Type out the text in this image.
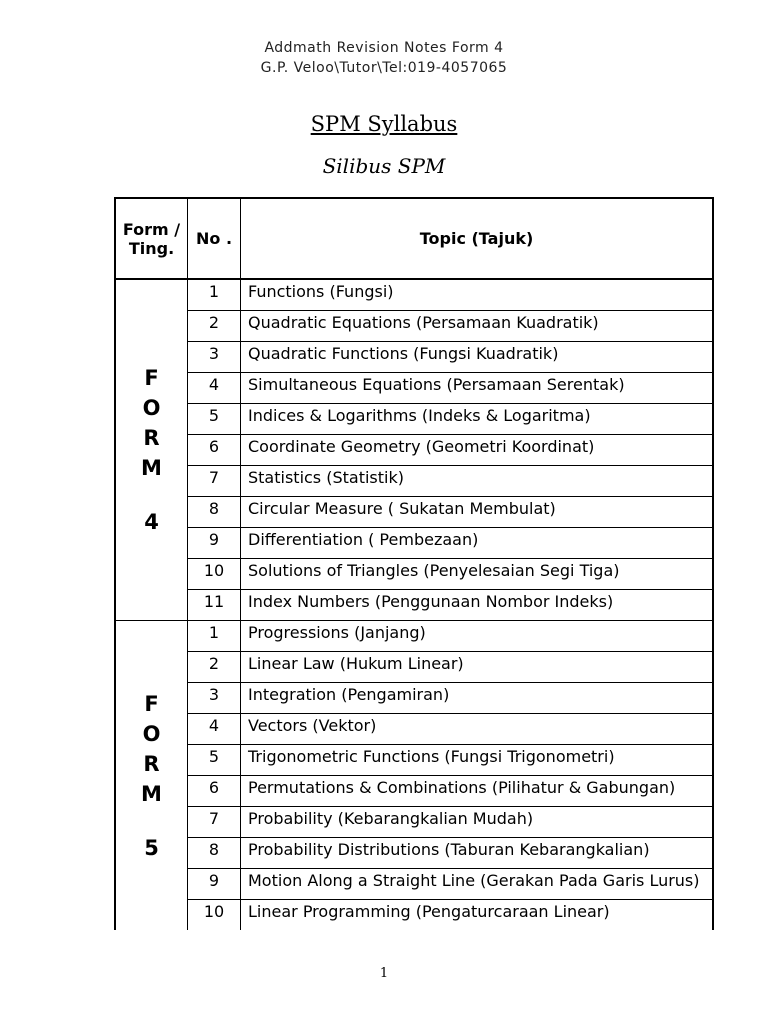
Addmath Revision Notes Form 4
G.P. Veloo\Tutor\Tel:019-4057065
SPM Syllabus
Silibus SPM
Form / Ting.	No .	Topic (Tajuk)

F
O
R
M
4	1	Functions (Fungsi)
	2	Quadratic Equations (Persamaan Kuadratik)
	3	Quadratic Functions (Fungsi Kuadratik)
	4	Simultaneous Equations (Persamaan Serentak)
	5	Indices & Logarithms (Indeks & Logaritma)
	6	Coordinate Geometry (Geometri Koordinat)
	7	Statistics (Statistik)
	8	Circular Measure ( Sukatan Membulat)
	9	Differentiation ( Pembezaan)
	10	Solutions of Triangles (Penyelesaian Segi Tiga)
	11	Index Numbers (Penggunaan Nombor Indeks)

F
O
R
M
5	1	Progressions (Janjang)
	2	Linear Law (Hukum Linear)
	3	Integration (Pengamiran)
	4	Vectors (Vektor)
	5	Trigonometric Functions (Fungsi Trigonometri)
	6	Permutations & Combinations (Pilihatur & Gabungan)
	7	Probability (Kebarangkalian Mudah)
	8	Probability Distributions (Taburan Kebarangkalian)
	9	Motion Along a Straight Line (Gerakan Pada Garis Lurus)
	10	Linear Programming (Pengaturcaraan Linear)
1
